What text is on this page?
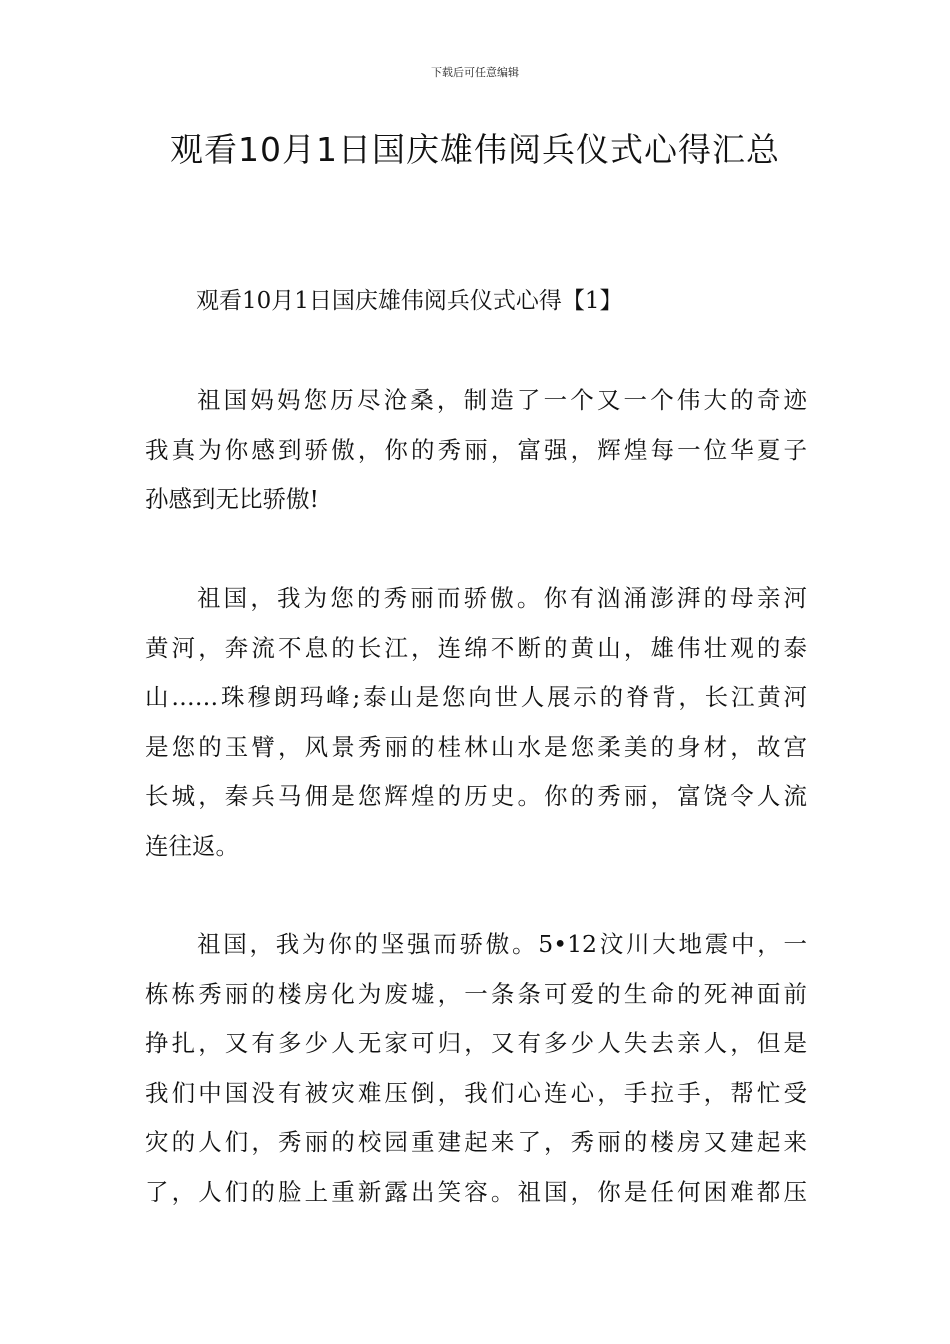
下载后可任意编辑
观看10月1日国庆雄伟阅兵仪式心得汇总

观看10月1日国庆雄伟阅兵仪式心得【1】

祖国妈妈您历尽沧桑，制造了一个又一个伟大的奇迹
我真为你感到骄傲，你的秀丽，富强，辉煌每一位华夏子
孙感到无比骄傲!
祖国，我为您的秀丽而骄傲。你有汹涌澎湃的母亲河
黄河，奔流不息的长江，连绵不断的黄山，雄伟壮观的泰
山……珠穆朗玛峰;泰山是您向世人展示的脊背，长江黄河
是您的玉臂，风景秀丽的桂林山水是您柔美的身材，故宫
长城，秦兵马佣是您辉煌的历史。你的秀丽，富饶令人流
连往返。
祖国，我为你的坚强而骄傲。5•12汶川大地震中，一
栋栋秀丽的楼房化为废墟，一条条可爱的生命的死神面前
挣扎，又有多少人无家可归，又有多少人失去亲人，但是
我们中国没有被灾难压倒，我们心连心，手拉手，帮忙受
灾的人们，秀丽的校园重建起来了，秀丽的楼房又建起来
了，人们的脸上重新露出笑容。祖国，你是任何困难都压
